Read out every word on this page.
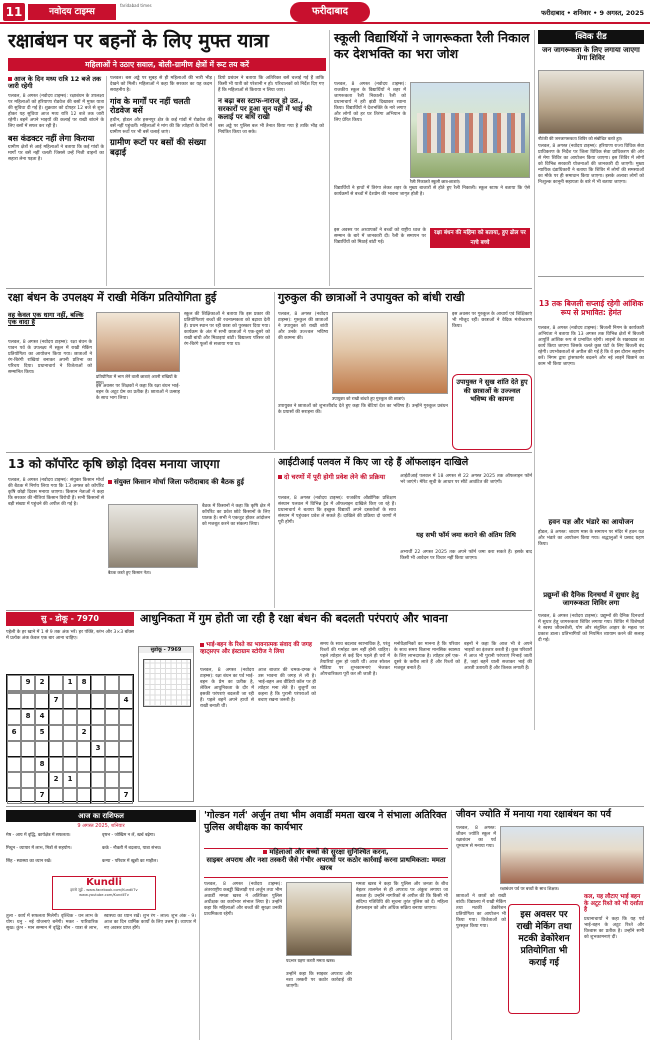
11	नवोदय टाइम्स
faridabad times
फरीदाबाद	फरीदाबाद • शनिवार • 9 अगस्त, 2025
रक्षाबंधन पर बहनों के लिए मुफ्त यात्रा
महिलाओं ने उठाए सवाल, बोली-ग्रामीण क्षेत्रों में रूट तय करें
आज के दिन मध्य रात्रि 12 बजे तक जारी रहेगी
पलवल, 8 अगस्त (नवोदय टाइम्स): रक्षाबंधन के उपलक्ष्य पर महिलाओं को हरियाणा रोडवेज की बसों में मुफ्त यात्रा की सुविधा दी गई है। शुक्रवार को दोपहर 12 बजे से शुरू होकर यह सुविधा आज मध्य रात्रि 12 बजे तक जारी रहेगी। बहनें अपने भाइयों की कलाई पर राखी बांधने के लिए बसों में सफर कर रही हैं।
बस कंडक्टर नहीं लेगा किराया
ग्रामीण क्षेत्रों से आई महिलाओं ने बताया कि कई गांवों के मार्गों पर बसें नहीं चलती जिससे उन्हें निजी वाहनों का सहारा लेना पड़ता है।
पलवल। बस अड्डे पर सुबह से ही महिलाओं की भारी भीड़ देखने को मिली। महिलाओं ने कहा कि सरकार का यह कदम सराहनीय है।
गांव के मार्गों पर नहीं चलती रोडवेज बसें
हथीन, होडल और हसनपुर क्षेत्र के कई गांवों में रोडवेज की बसें नहीं पहुंचतीं। महिलाओं ने मांग की कि त्योहारों के दिनों में ग्रामीण रूटों पर भी बसें चलाई जाएं।
ग्रामीण रूटों पर बसों की संख्या बढ़ाई
डिपो प्रबंधन ने बताया कि अतिरिक्त बसें चलाई गई हैं ताकि किसी भी यात्री को परेशानी न हो। परिचालकों को निर्देश दिए गए हैं कि महिलाओं से किराया न लिया जाए।
न बढ़ा बस स्टाफ-नाराज् हो उत., सरकारों पर हुआ सुन यहीं में भाई की कलाई पर बांधें राखी
बस अड्डे पर पुलिस बल भी तैनात किया गया है ताकि भीड़ को नियंत्रित किया जा सके।
स्कूली विद्यार्थियों ने जागरूकता रैली निकाल कर देशभक्ति का भरा जोश
पलवल, 8 अगस्त (नवोदय टाइम्स): राजकीय स्कूल के विद्यार्थियों ने शहर में जागरूकता रैली निकाली। रैली को प्रधानाचार्य ने हरी झंडी दिखाकर रवाना किया। विद्यार्थियों ने देशभक्ति के नारे लगाए और लोगों को हर घर तिरंगा अभियान के लिए प्रेरित किया।
रैली निकालते स्कूली छात्र-छात्राएं।
विद्यार्थियों ने हाथों में तिरंगा लेकर शहर के मुख्य बाजारों से होते हुए रैली निकाली। स्कूल स्टाफ ने बताया कि ऐसे कार्यक्रमों से बच्चों में देशप्रेम की भावना जागृत होती है।
रक्षा बंधन की महिमा को बताया, हुए ढोल पर नाचे बच्चे
इस अवसर पर अध्यापकों ने बच्चों को राष्ट्रीय ध्वज के सम्मान के बारे में जानकारी दी। रैली के समापन पर विद्यार्थियों को मिठाई बांटी गई।
क्विक रीड
जन जागरूकता के लिए लगाया जाएगा मेगा शिविर
नौटंकी की जनजागरूकता शिविर को संबोधित करते हुए।
पलवल, 8 अगस्त (नवोदय टाइम्स): हरियाणा राज्य विधिक सेवा प्राधिकरण के निर्देश पर जिला विधिक सेवा प्राधिकरण की ओर से मेगा शिविर का आयोजन किया जाएगा। इस शिविर में लोगों को विभिन्न सरकारी योजनाओं की जानकारी दी जाएगी। मुख्य न्यायिक दंडाधिकारी ने बताया कि शिविर में लोगों की समस्याओं का मौके पर ही समाधान किया जाएगा। इसके अलावा लोगों को निःशुल्क कानूनी सहायता के बारे में भी बताया जाएगा।
13 तक बिजली सप्लाई रहेगी आंशिक रूप से प्रभावित: हेमंत
पलवल, 8 अगस्त (नवोदय टाइम्स): बिजली निगम के कार्यकारी अभियंता ने बताया कि 13 अगस्त तक विभिन्न क्षेत्रों में बिजली आपूर्ति आंशिक रूप से प्रभावित रहेगी। लाइनों के रखरखाव का कार्य किया जाएगा जिसके चलते कुछ घंटों के लिए बिजली बंद रहेगी। उपभोक्ताओं से अपील की गई है कि वे इस दौरान सहयोग करें। निगम द्वारा ट्रांसफार्मर बदलने और नई लाइनें बिछाने का काम भी किया जाएगा।
हवन यज्ञ और भंडारे का आयोजन
होडल, 8 अगस्त: श्रावण मास के समापन पर मंदिर में हवन यज्ञ और भंडारे का आयोजन किया गया। श्रद्धालुओं ने प्रसाद ग्रहण किया।
प्रद्युम्नों की दैनिक दिनचर्या में सुधार हेतु जागरूकता शिविर लगा
पलवल, 8 अगस्त (नवोदय टाइम्स): प्रद्युम्नों की दैनिक दिनचर्या में सुधार हेतु जागरूकता शिविर लगाया गया। शिविर में विशेषज्ञों ने स्वस्थ जीवनशैली, योग और संतुलित आहार के महत्व पर प्रकाश डाला। प्रतिभागियों को नियमित व्यायाम करने की सलाह दी गई।
रक्षा बंधन के उपलक्ष्य में राखी मेकिंग प्रतियोगिता हुई
वह केवल एक धागा नहीं, बल्कि एक वादा है
पलवल, 8 अगस्त (नवोदय टाइम्स): रक्षा बंधन के पावन पर्व के उपलक्ष्य में स्कूल में राखी मेकिंग प्रतियोगिता का आयोजन किया गया। छात्राओं ने रंग-बिरंगी राखियां बनाकर अपनी प्रतिभा का परिचय दिया। प्रधानाचार्य ने विजेताओं को सम्मानित किया।
प्रतियोगिता में भाग लेने वाली छात्राएं अपनी राखियों के साथ।
इस अवसर पर शिक्षकों ने कहा कि रक्षा बंधन भाई-बहन के अटूट प्रेम का प्रतीक है। छात्राओं ने उत्साह के साथ भाग लिया।
स्कूल की शिक्षिकाओं ने बताया कि इस प्रकार की प्रतियोगिताएं बच्चों की रचनात्मकता को बढ़ावा देती हैं। प्रथम स्थान पर रही छात्रा को पुरस्कार दिया गया। कार्यक्रम के अंत में सभी छात्राओं ने एक-दूसरे को राखी बांधी और मिठाइयां बांटी। विद्यालय परिसर को रंग-बिरंगे फूलों से सजाया गया था।
गुरुकुल की छात्राओं ने उपायुक्त को बांधी राखी
पलवल, 8 अगस्त (नवोदय टाइम्स): गुरुकुल की छात्राओं ने उपायुक्त को राखी बांधी और उनके उज्ज्वल भविष्य की कामना की।
उपायुक्त को राखी बांधते हुए गुरुकुल की छात्राएं।
उपायुक्त ने छात्राओं को शुभाशीर्वाद देते हुए कहा कि बेटियां देश का भविष्य हैं। उन्होंने गुरुकुल प्रबंधन के प्रयासों की सराहना की।
इस अवसर पर गुरुकुल के आचार्य एवं शिक्षिकाएं भी मौजूद रहीं। छात्राओं ने वैदिक मंत्रोच्चारण किया।
उपायुक्त ने सुख शांति देते हुए की छात्राओं के उज्ज्वल भविष्य की कामना
13 को कॉर्पोरेट कृषि छोड़ो दिवस मनाया जाएगा
पलवल, 8 अगस्त (नवोदय टाइम्स): संयुक्त किसान मोर्चा की बैठक में निर्णय लिया गया कि 13 अगस्त को कॉर्पोरेट कृषि छोड़ो दिवस मनाया जाएगा। किसान नेताओं ने कहा कि सरकार की नीतियां किसान विरोधी हैं। सभी किसानों से बड़ी संख्या में पहुंचने की अपील की गई है।
संयुक्त किसान मोर्चा जिला फरीदाबाद की बैठक हुई
बैठक करते हुए किसान नेता।
बैठक में किसानों ने कहा कि कृषि क्षेत्र में कॉर्पोरेट का प्रवेश छोटे किसानों के लिए घातक है। सभी ने एकजुट होकर आंदोलन को मजबूत करने का संकल्प लिया।
आईटीआई पलवल में किए जा रहे हैं ऑफलाइन दाखिले
दो चरणों में पूरी होगी प्रवेश लेने की प्रक्रिया
पलवल, 8 अगस्त (नवोदय टाइम्स): राजकीय औद्योगिक प्रशिक्षण संस्थान पलवल में विभिन्न ट्रेड में ऑफलाइन दाखिले किए जा रहे हैं। प्रधानाचार्य ने बताया कि इच्छुक विद्यार्थी अपने दस्तावेजों के साथ संस्थान में पहुंचकर प्रवेश ले सकते हैं। दाखिले की प्रक्रिया दो चरणों में पूरी होगी।
आईटीआई पलवल में 18 अगस्त से 22 अगस्त 2025 तक ऑफलाइन फॉर्म भरे जाएंगे। मेरिट सूची के आधार पर सीटें आवंटित की जाएंगी।
यह सभी फॉर्म जमा कराने की अंतिम तिथि
अभ्यर्थी 22 अगस्त 2025 तक अपने फॉर्म जमा करा सकते हैं। इसके बाद किसी भी आवेदन पर विचार नहीं किया जाएगा।
सु - डोकू - 7970	आधुनिकता में गुम होती जा रही है रक्षा बंधन की बदलती परंपराएं और भावना
पहेली के हर खाने में 1 से 9 तक अंक भरें। हर पंक्ति, स्तंभ और 3×3 बॉक्स में प्रत्येक अंक केवल एक बार आना चाहिए।
9	2	1	8
7	4
8	4
6	5	2
3
8
2	1
7	7
सुडोकू - 7969
भाई-बहन के रिश्ते का भावनात्मक संवाद की जगह व्हाट्सएप और इंस्टाग्राम स्टोरीज ने लिया
पलवल, 8 अगस्त (नवोदय टाइम्स): रक्षा बंधन का पर्व भाई-बहन के प्रेम का प्रतीक है, लेकिन आधुनिकता के दौर में इसकी परंपराएं बदलती जा रही हैं। पहले बहनें अपने हाथों से राखी बनाती थीं।
आज बाजार की चमक-दमक ने उस भावना की जगह ले ली है। भाई-बहन अब वीडियो कॉल पर ही त्योहार मना लेते हैं। बुजुर्गों का कहना है कि पुरानी परंपराओं को बचाए रखना जरूरी है।
समय के साथ बदलाव स्वाभाविक है, परंतु रिश्तों की गर्माहट कम नहीं होनी चाहिए। पहले त्योहार से कई दिन पहले ही घरों में तैयारियां शुरू हो जाती थीं। आज सोशल मीडिया पर शुभकामनाएं भेजकर औपचारिकता पूरी कर ली जाती है।
मनोवैज्ञानिकों का मानना है कि परिवार के साथ समय बिताना मानसिक स्वास्थ्य के लिए लाभदायक है। त्योहार हमें एक-दूसरे के करीब लाते हैं और रिश्तों को मजबूत बनाते हैं।
बहनों ने कहा कि आज भी वे अपने भाइयों का इंतजार करती हैं। कुछ परिवारों में आज भी पुरानी परंपराएं निभाई जाती हैं, जहां बहनें थाली सजाकर भाई की आरती उतारती हैं और तिलक लगाती हैं।
आज का राशिफल
9 अगस्त 2025, शनिवार
मेष - आय में वृद्धि, कार्यक्षेत्र में सफलता।	वृषभ - जोखिम न लें, खर्च बढ़ेगा।
मिथुन - व्यापार में लाभ, मित्रों से सहयोग।	कर्क - नौकरी में बदलाव, यात्रा संभव।
सिंह - स्वास्थ्य का ध्यान रखें।	कन्या - परिवार में खुशी का माहौल।
Kundli
हमसे जुड़ें - www.facebook.com/KundliTv
www.youtube.com/KundliTv
तुला - कार्य में सफलता मिलेगी। वृश्चिक - धन लाभ के योग। धनु - नई योजनाएं बनेंगी। मकर - पारिवारिक सुख। कुंभ - मान सम्मान में वृद्धि। मीन - यात्रा से लाभ, स्वास्थ्य का ध्यान रखें। शुभ रंग - लाल। शुभ अंक - 9। आज का दिन धार्मिक कार्यों के लिए उत्तम है। व्यापार में नए अवसर प्राप्त होंगे।
'गोल्डन गर्ल' अर्जुन तथा भीम अवार्डी ममता खरब ने संभाला अतिरिक्त पुलिस अधीक्षक का कार्यभार
महिलाओं और बच्चों की सुरक्षा सुनिश्चित करना,
साइबर अपराध और नशा तस्करी जैसे गंभीर अपराधों पर कठोर कार्रवाई करना प्राथमिकता: ममता खरब
पलवल, 8 अगस्त (नवोदय टाइम्स): अंतरराष्ट्रीय कबड्डी खिलाड़ी एवं अर्जुन तथा भीम अवार्डी ममता खरब ने अतिरिक्त पुलिस अधीक्षक का कार्यभार संभाल लिया है। उन्होंने कहा कि महिलाओं और बच्चों की सुरक्षा उनकी प्राथमिकता रहेगी।
पदभार ग्रहण करती ममता खरब।
उन्होंने कहा कि साइबर अपराध और नशा तस्करी पर कठोर कार्रवाई की जाएगी।
ममता खरब ने कहा कि पुलिस और जनता के बीच बेहतर तालमेल से ही अपराध पर अंकुश लगाया जा सकता है। उन्होंने नागरिकों से अपील की कि किसी भी संदिग्ध गतिविधि की सूचना तुरंत पुलिस को दें। महिला हेल्पलाइन को और अधिक सक्रिय बनाया जाएगा।
जीवन ज्योति में मनाया गया रक्षाबंधन का पर्व
पलवल, 8 अगस्त: जीवन ज्योति स्कूल में रक्षाबंधन का पर्व धूमधाम से मनाया गया।
रक्षाबंधन पर्व पर बच्चों के साथ शिक्षक।
छात्राओं ने छात्रों को राखी बांधी। विद्यालय में राखी मेकिंग तथा मटकी डेकोरेशन प्रतियोगिता का आयोजन भी किया गया। विजेताओं को पुरस्कृत किया गया।
इस अवसर पर राखी मेकिंग तथा मटकी डेकोरेशन प्रतियोगिता भी कराई गई
कल, यह लौटाए भाई बहन के अटूट रिश्ते को भी दर्शाता है
प्रधानाचार्या ने कहा कि यह पर्व भाई-बहन के अटूट रिश्ते और विश्वास का प्रतीक है। उन्होंने सभी को शुभकामनाएं दीं।
